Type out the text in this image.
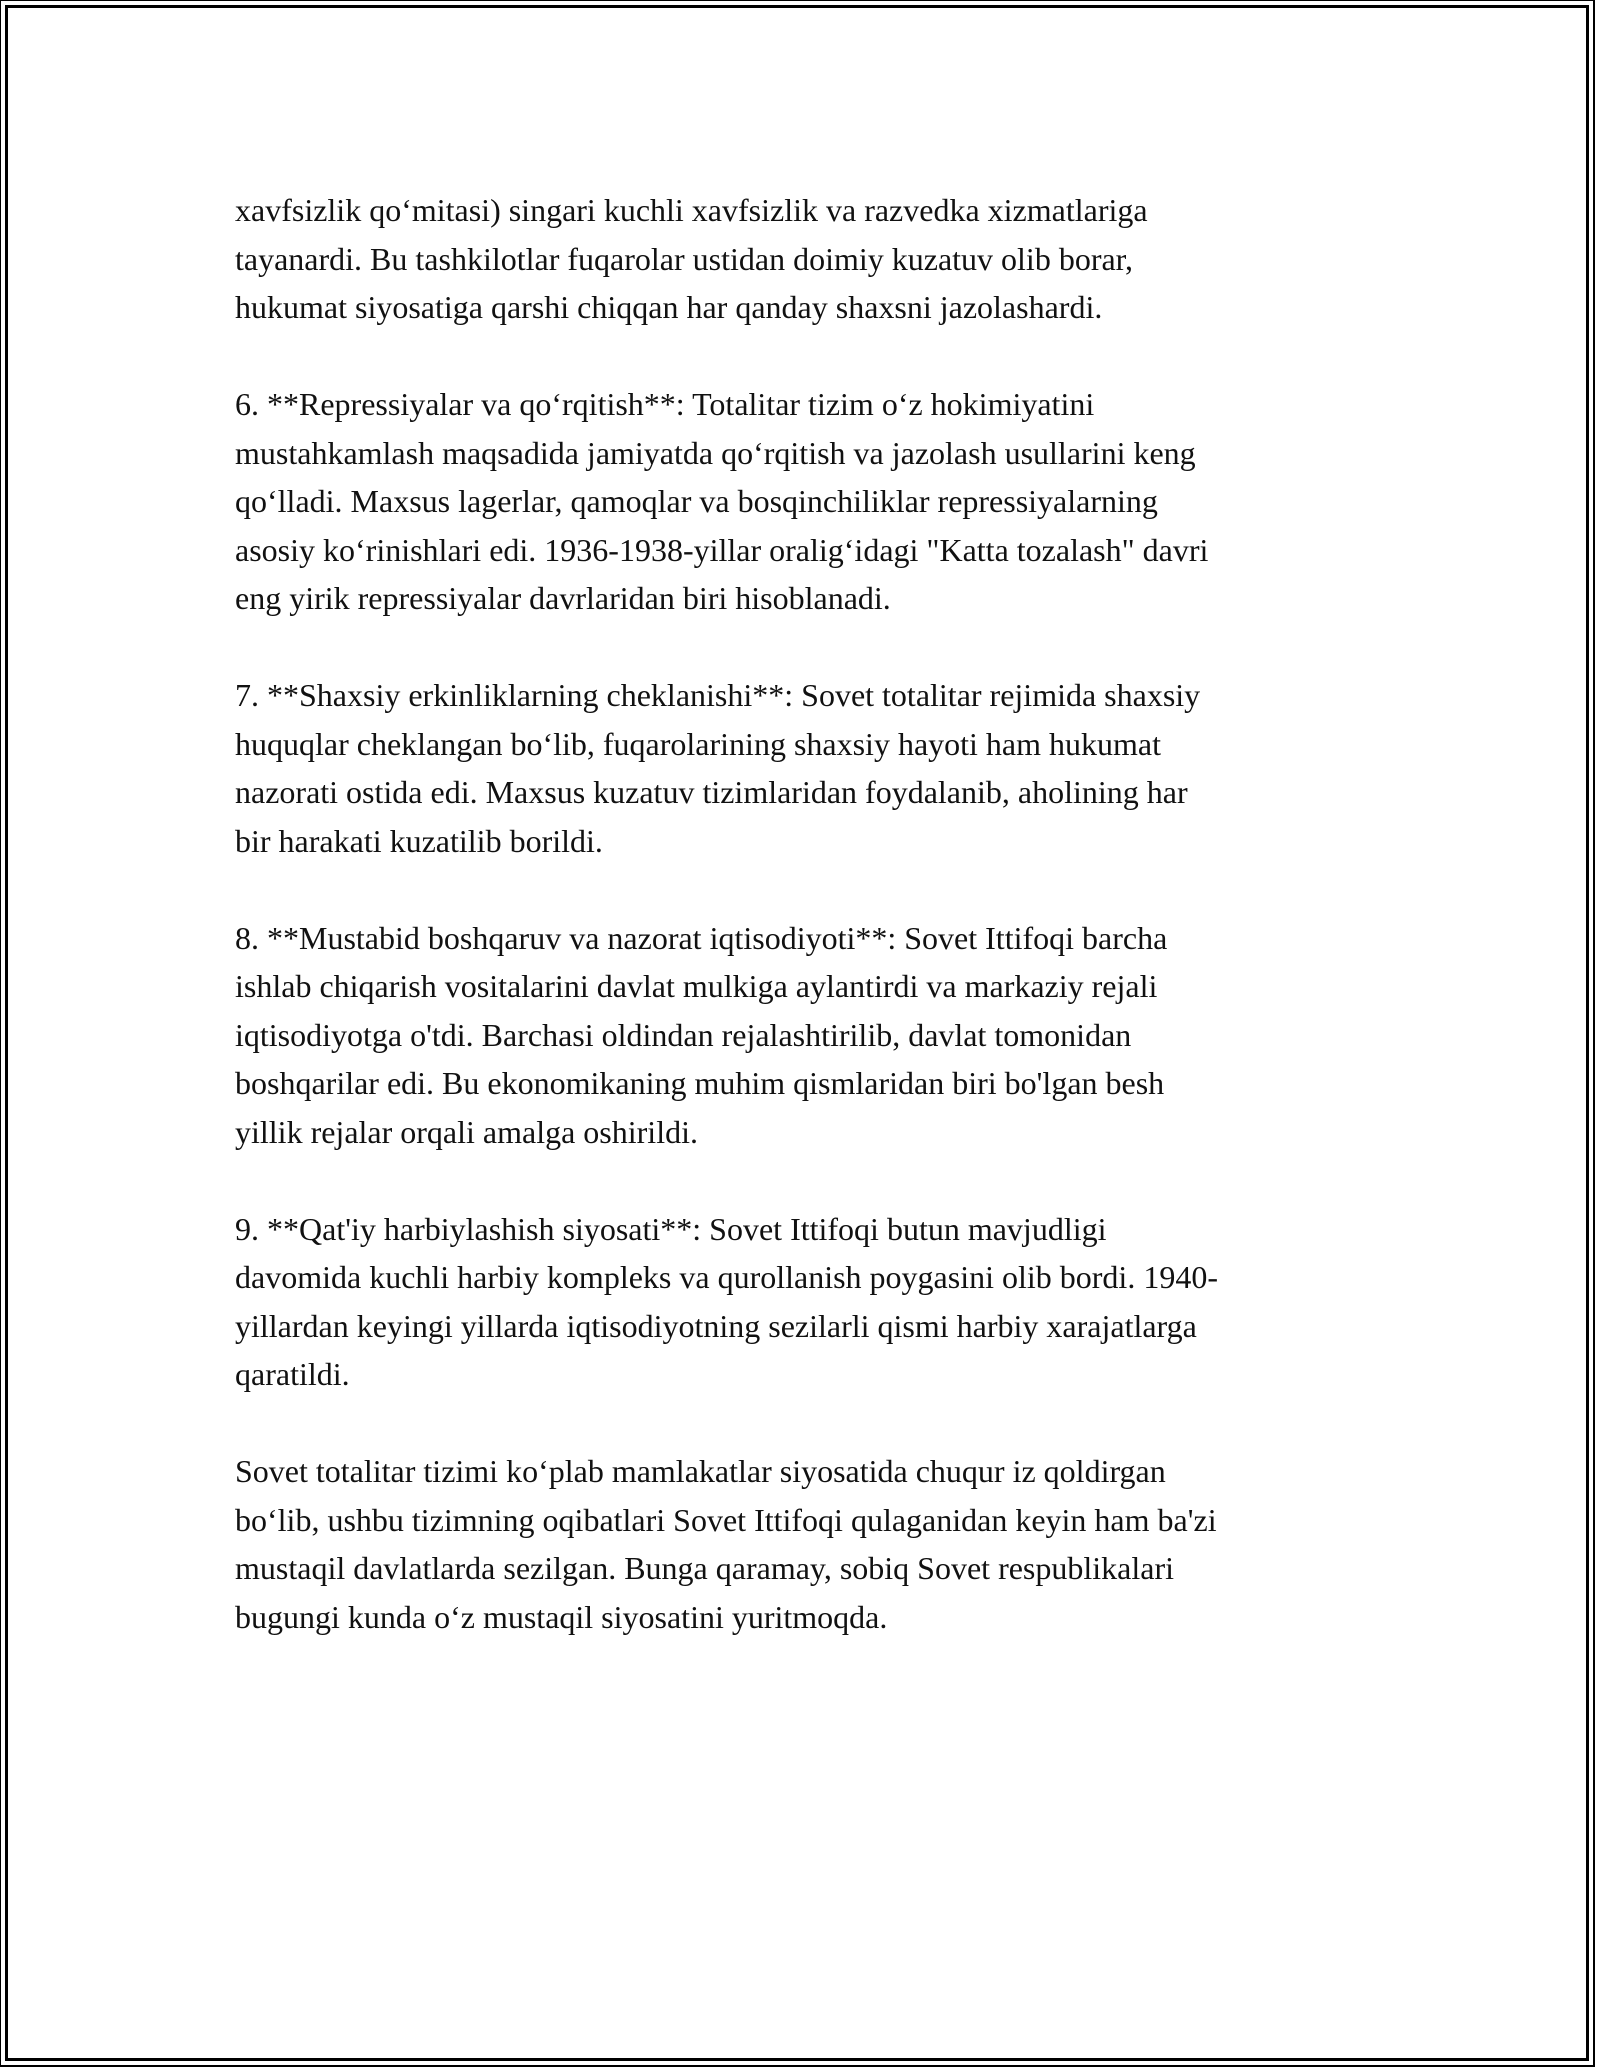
xavfsizlik qo‘mitasi) singari kuchli xavfsizlik va razvedka xizmatlariga
tayanardi. Bu tashkilotlar fuqarolar ustidan doimiy kuzatuv olib borar,
hukumat siyosatiga qarshi chiqqan har qanday shaxsni jazolashardi.

6. **Repressiyalar va qo‘rqitish**: Totalitar tizim o‘z hokimiyatini
mustahkamlash maqsadida jamiyatda qo‘rqitish va jazolash usullarini keng
qo‘lladi. Maxsus lagerlar, qamoqlar va bosqinchiliklar repressiyalarning
asosiy ko‘rinishlari edi. 1936-1938-yillar oralig‘idagi "Katta tozalash" davri
eng yirik repressiyalar davrlaridan biri hisoblanadi.

7. **Shaxsiy erkinliklarning cheklanishi**: Sovet totalitar rejimida shaxsiy
huquqlar cheklangan bo‘lib, fuqarolarining shaxsiy hayoti ham hukumat
nazorati ostida edi. Maxsus kuzatuv tizimlaridan foydalanib, aholining har
bir harakati kuzatilib borildi.

8. **Mustabid boshqaruv va nazorat iqtisodiyoti**: Sovet Ittifoqi barcha
ishlab chiqarish vositalarini davlat mulkiga aylantirdi va markaziy rejali
iqtisodiyotga o'tdi. Barchasi oldindan rejalashtirilib, davlat tomonidan
boshqarilar edi. Bu ekonomikaning muhim qismlaridan biri bo'lgan besh
yillik rejalar orqali amalga oshirildi.

9. **Qat'iy harbiylashish siyosati**: Sovet Ittifoqi butun mavjudligi
davomida kuchli harbiy kompleks va qurollanish poygasini olib bordi. 1940-
yillardan keyingi yillarda iqtisodiyotning sezilarli qismi harbiy xarajatlarga
qaratildi.

Sovet totalitar tizimi ko‘plab mamlakatlar siyosatida chuqur iz qoldirgan
bo‘lib, ushbu tizimning oqibatlari Sovet Ittifoqi qulaganidan keyin ham ba'zi
mustaqil davlatlarda sezilgan. Bunga qaramay, sobiq Sovet respublikalari
bugungi kunda o‘z mustaqil siyosatini yuritmoqda.
